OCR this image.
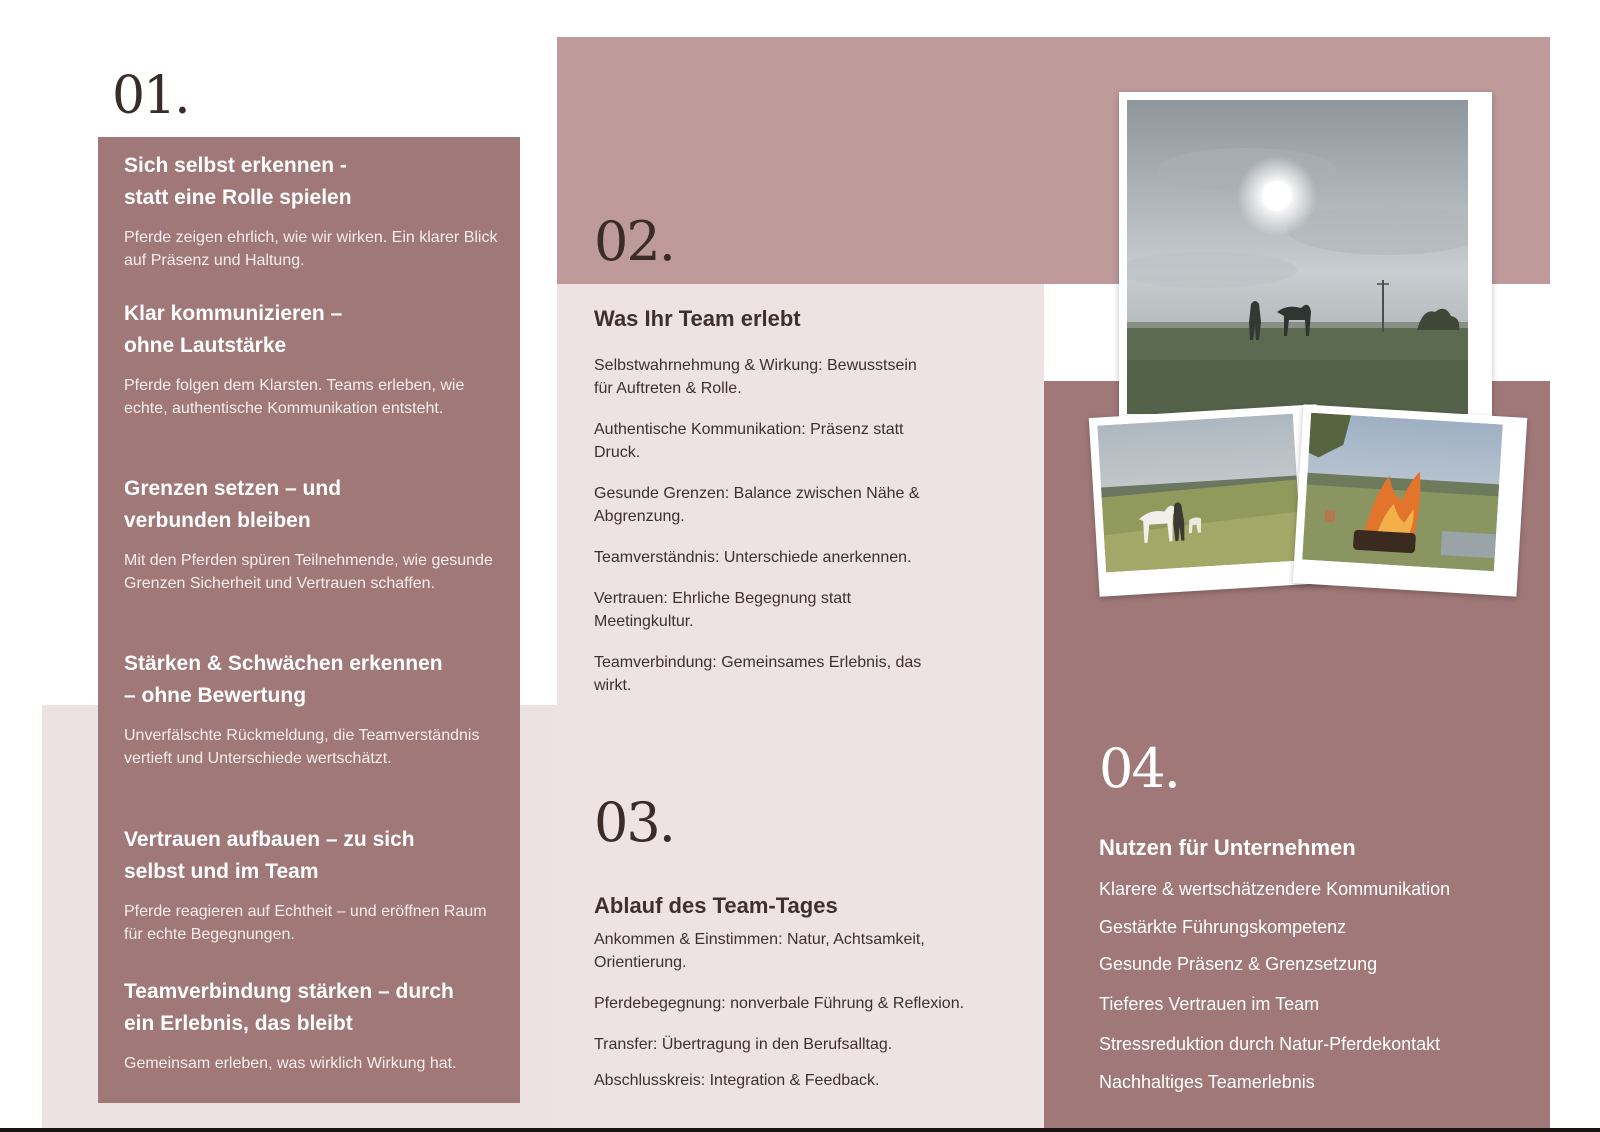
01.

Sich selbst erkennen -
statt eine Rolle spielen

Pferde zeigen ehrlich, wie wir wirken. Ein klarer Blick auf Präsenz und Haltung.

Klar kommunizieren –
ohne Lautstärke

Pferde folgen dem Klarsten. Teams erleben, wie echte, authentische Kommunikation entsteht.

Grenzen setzen – und
verbunden bleiben

Mit den Pferden spüren Teilnehmende, wie gesunde Grenzen Sicherheit und Vertrauen schaffen.

Stärken & Schwächen erkennen
– ohne Bewertung

Unverfälschte Rückmeldung, die Teamverständnis vertieft und Unterschiede wertschätzt.

Vertrauen aufbauen – zu sich
selbst und im Team

Pferde reagieren auf Echtheit – und eröffnen Raum für echte Begegnungen.

Teamverbindung stärken – durch
ein Erlebnis, das bleibt

Gemeinsam erleben, was wirklich Wirkung hat.

02.
Was Ihr Team erlebt
Selbstwahrnehmung & Wirkung: Bewusstsein für Auftreten & Rolle.
Authentische Kommunikation: Präsenz statt Druck.
Gesunde Grenzen: Balance zwischen Nähe & Abgrenzung.
Teamverständnis: Unterschiede anerkennen.
Vertrauen: Ehrliche Begegnung statt Meetingkultur.
Teamverbindung: Gemeinsames Erlebnis, das wirkt.
03.
Ablauf des Team-Tages
Ankommen & Einstimmen: Natur, Achtsamkeit, Orientierung.
Pferdebegegnung: nonverbale Führung & Reflexion.
Transfer: Übertragung in den Berufsalltag.
Abschlusskreis: Integration & Feedback.
04.
Nutzen für Unternehmen
Klarere & wertschätzendere Kommunikation
Gestärkte Führungskompetenz
Gesunde Präsenz & Grenzsetzung
Tieferes Vertrauen im Team
Stressreduktion durch Natur-Pferdekontakt
Nachhaltiges Teamerlebnis
